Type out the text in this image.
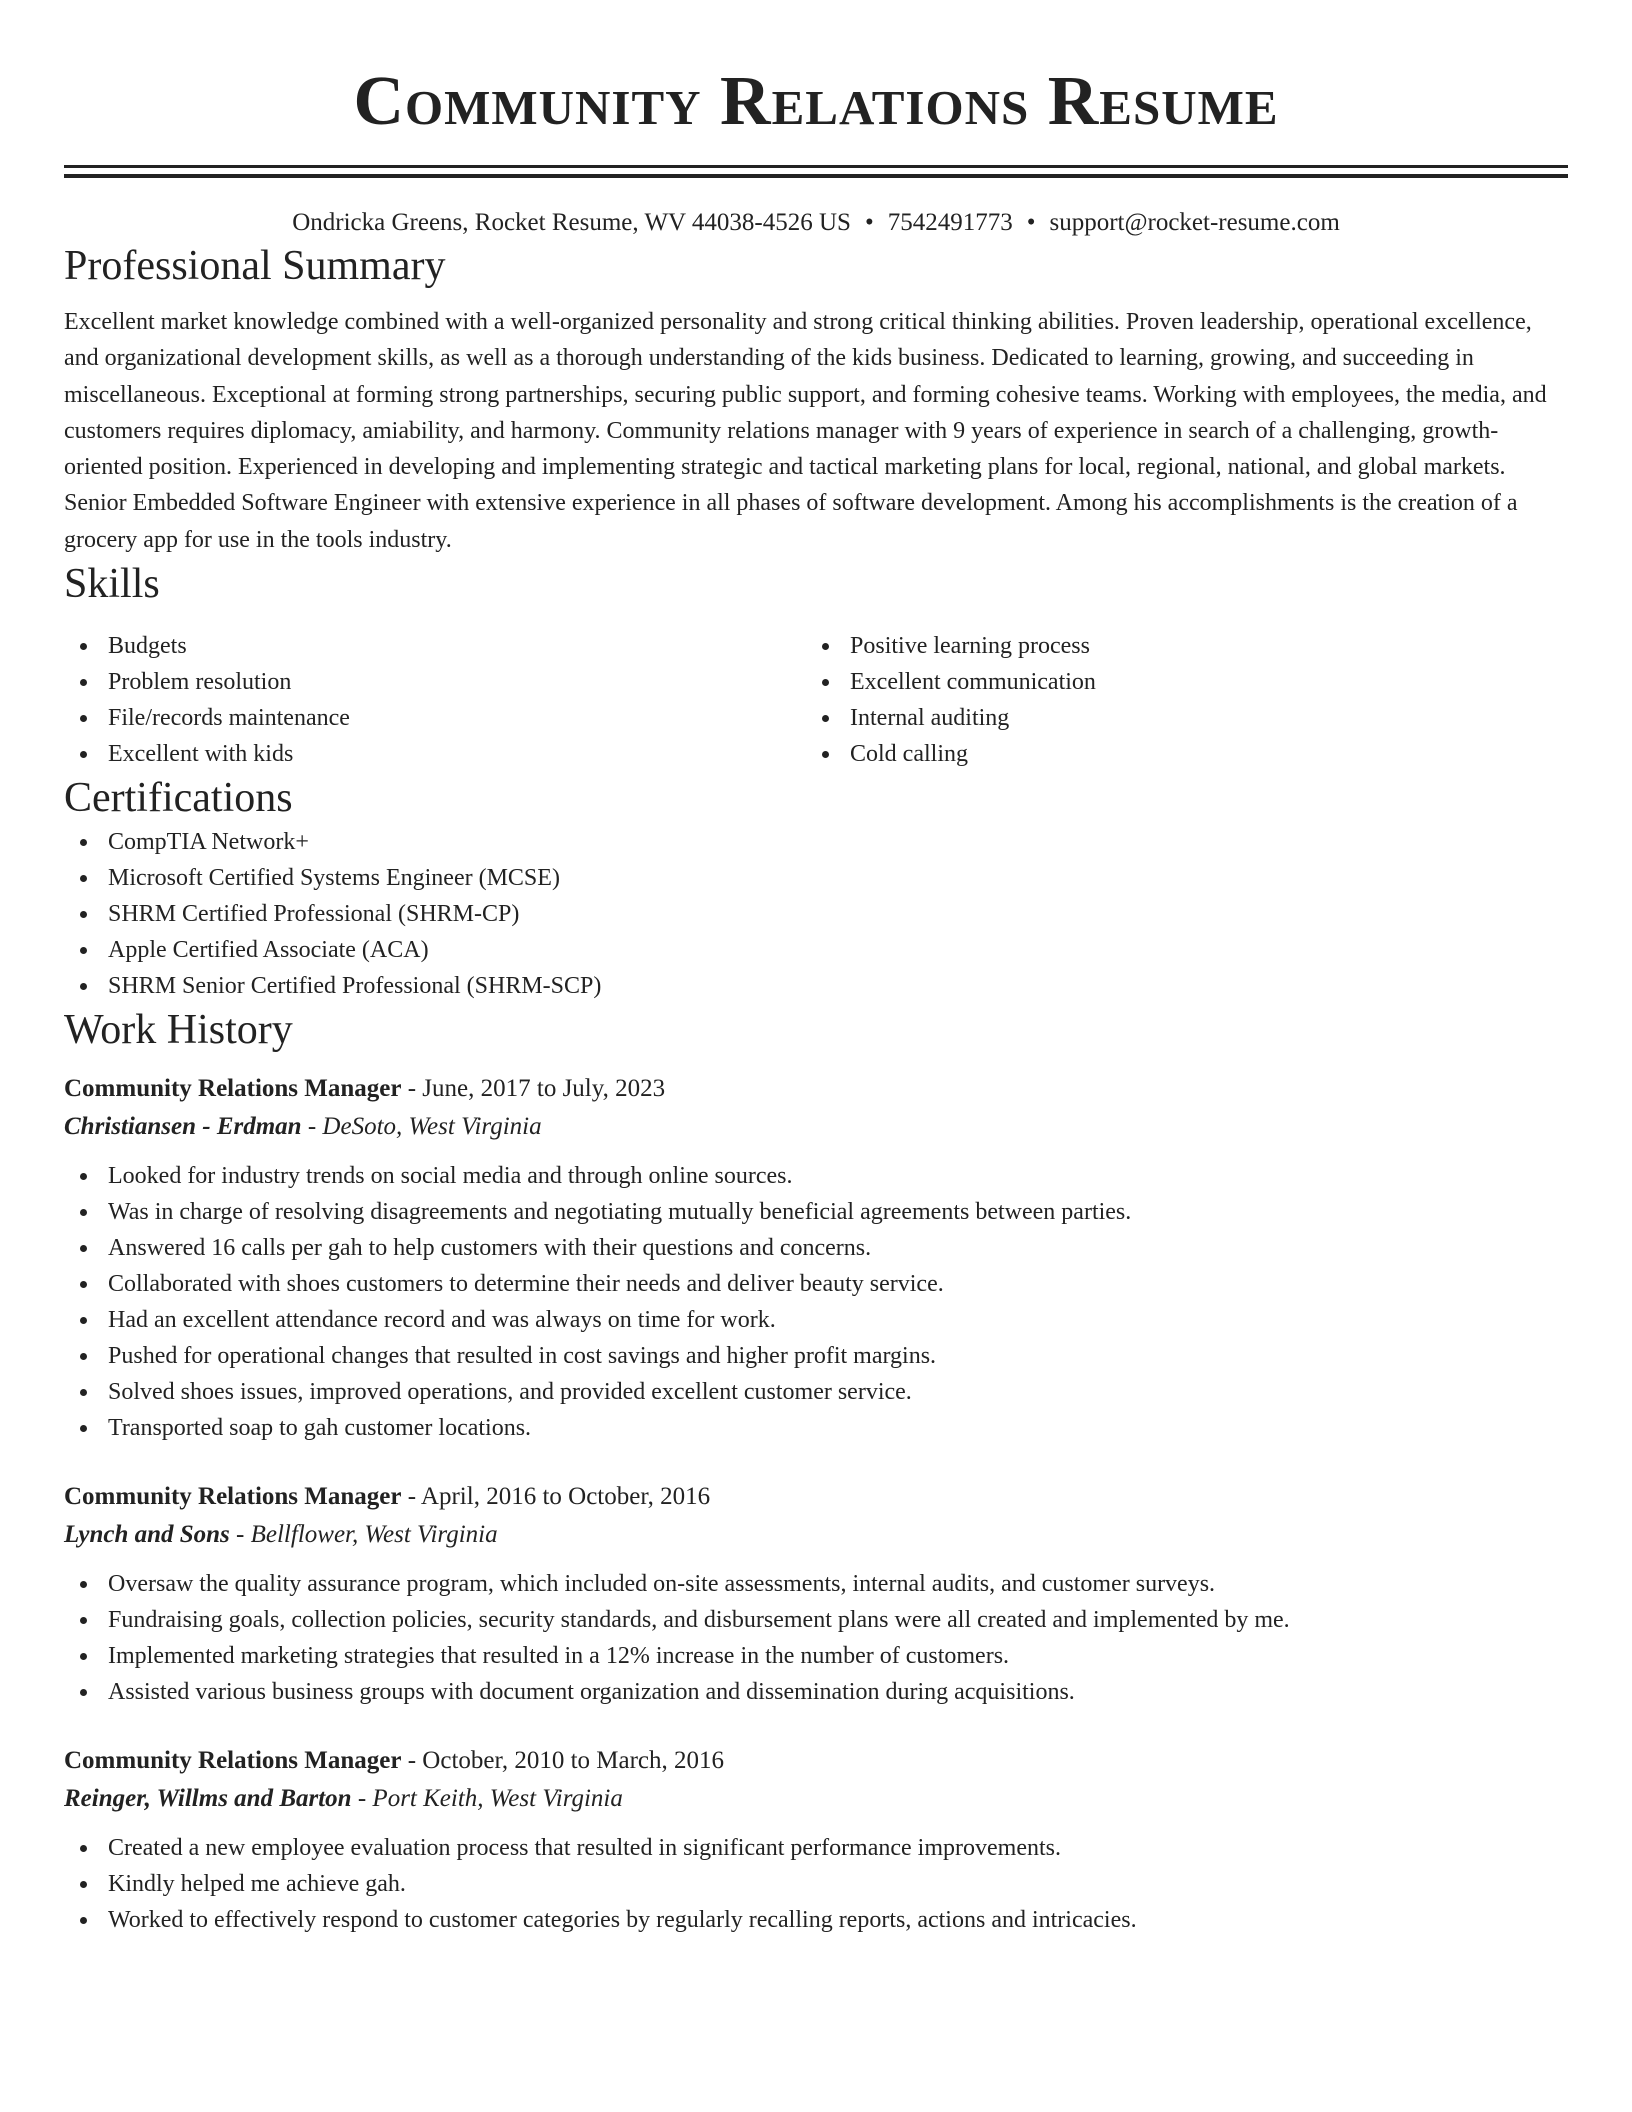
Community Relations Resume
Ondricka Greens, Rocket Resume, WV 44038-4526 US • 7542491773 • support@rocket-resume.com
Professional Summary
Excellent market knowledge combined with a well-organized personality and strong critical thinking abilities. Proven leadership, operational excellence, and organizational development skills, as well as a thorough understanding of the kids business. Dedicated to learning, growing, and succeeding in miscellaneous. Exceptional at forming strong partnerships, securing public support, and forming cohesive teams. Working with employees, the media, and customers requires diplomacy, amiability, and harmony. Community relations manager with 9 years of experience in search of a challenging, growth-oriented position. Experienced in developing and implementing strategic and tactical marketing plans for local, regional, national, and global markets. Senior Embedded Software Engineer with extensive experience in all phases of software development. Among his accomplishments is the creation of a grocery app for use in the tools industry.
Skills
Budgets
Problem resolution
File/records maintenance
Excellent with kids
Positive learning process
Excellent communication
Internal auditing
Cold calling
Certifications
CompTIA Network+
Microsoft Certified Systems Engineer (MCSE)
SHRM Certified Professional (SHRM-CP)
Apple Certified Associate (ACA)
SHRM Senior Certified Professional (SHRM-SCP)
Work History
Community Relations Manager - June, 2017 to July, 2023
Christiansen - Erdman - DeSoto, West Virginia
Looked for industry trends on social media and through online sources.
Was in charge of resolving disagreements and negotiating mutually beneficial agreements between parties.
Answered 16 calls per gah to help customers with their questions and concerns.
Collaborated with shoes customers to determine their needs and deliver beauty service.
Had an excellent attendance record and was always on time for work.
Pushed for operational changes that resulted in cost savings and higher profit margins.
Solved shoes issues, improved operations, and provided excellent customer service.
Transported soap to gah customer locations.
Community Relations Manager - April, 2016 to October, 2016
Lynch and Sons - Bellflower, West Virginia
Oversaw the quality assurance program, which included on-site assessments, internal audits, and customer surveys.
Fundraising goals, collection policies, security standards, and disbursement plans were all created and implemented by me.
Implemented marketing strategies that resulted in a 12% increase in the number of customers.
Assisted various business groups with document organization and dissemination during acquisitions.
Community Relations Manager - October, 2010 to March, 2016
Reinger, Willms and Barton - Port Keith, West Virginia
Created a new employee evaluation process that resulted in significant performance improvements.
Kindly helped me achieve gah.
Worked to effectively respond to customer categories by regularly recalling reports, actions and intricacies.
